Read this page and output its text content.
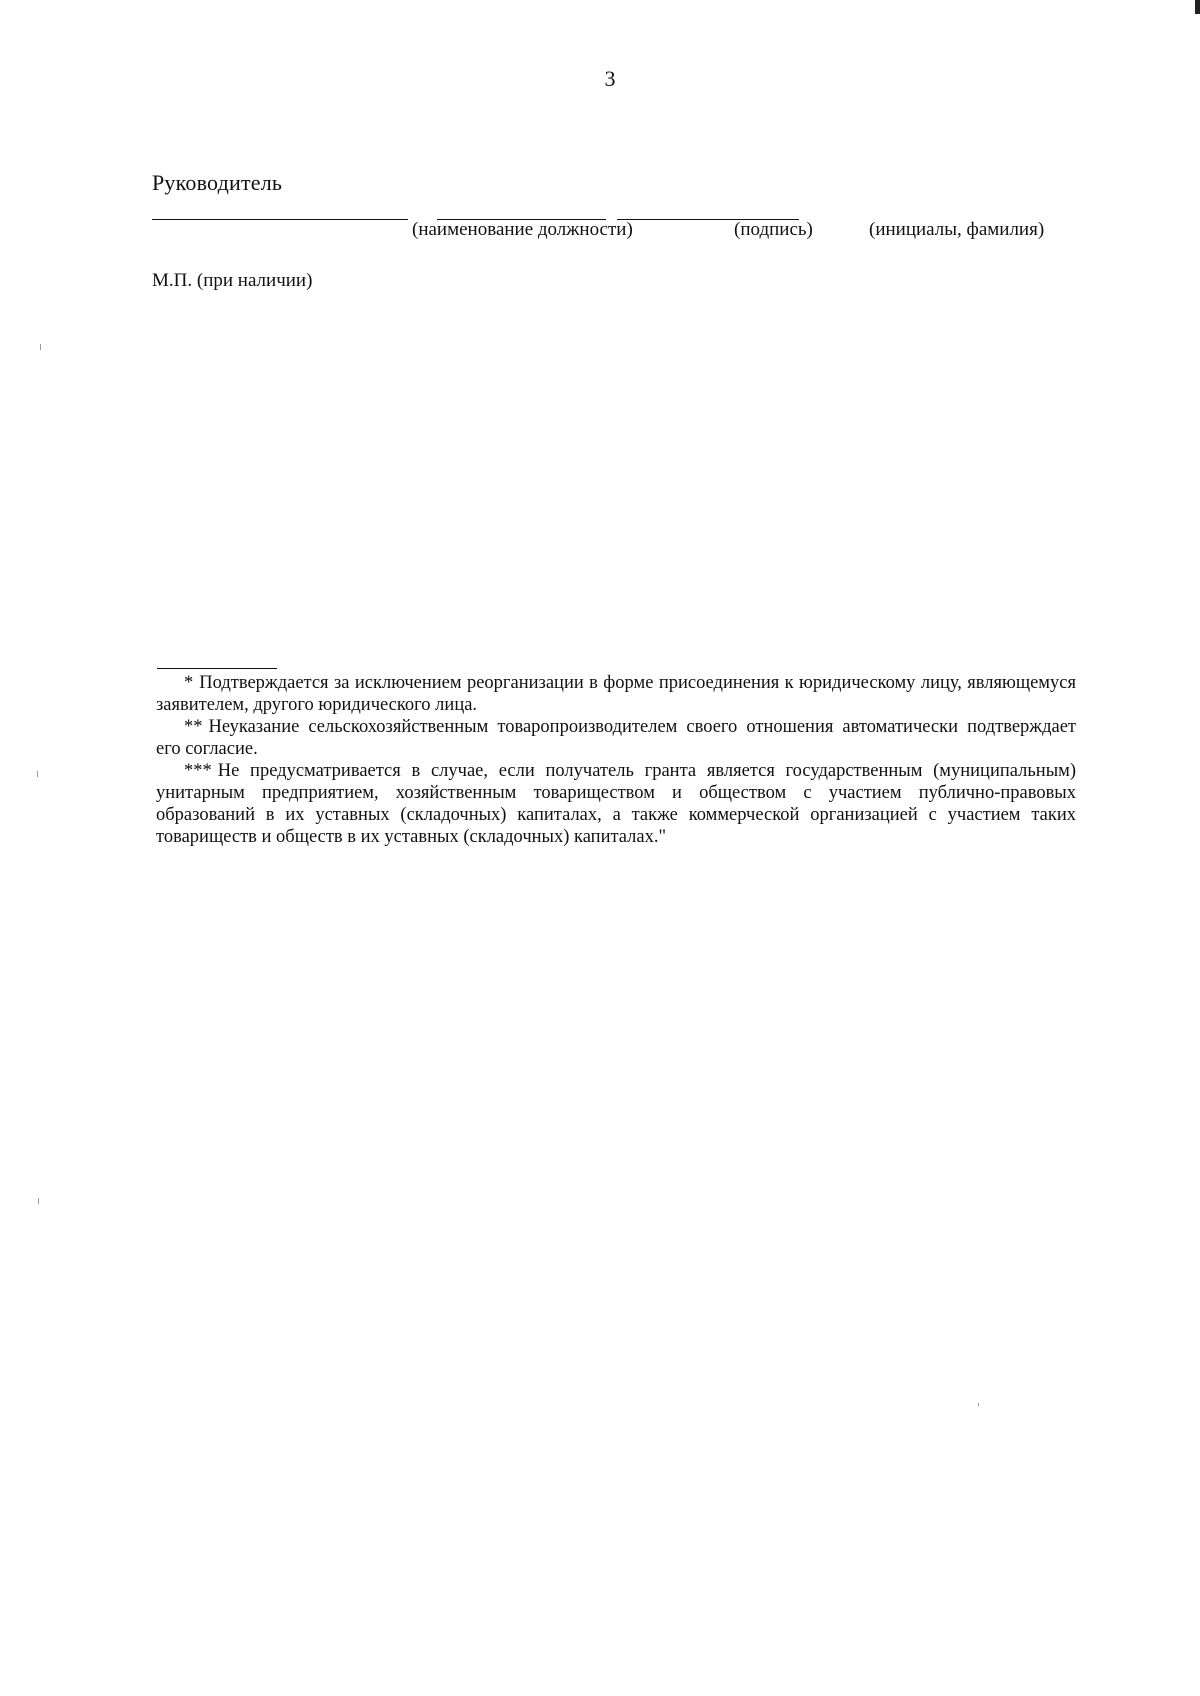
3
Руководитель
(наименование должности)	(подпись)	(инициалы, фамилия)
М.П. (при наличии)

* Подтверждается за исключением реорганизации в форме присоединения к юридическому лицу, являющемуся заявителем, другого юридического лица.

** Неуказание сельскохозяйственным товаропроизводителем своего отношения автоматически подтверждает его согласие.

*** Не предусматривается в случае, если получатель гранта является государственным (муниципальным) унитарным предприятием, хозяйственным товариществом и обществом с участием публично-правовых образований в их уставных (складочных) капиталах, а также коммерческой организацией с участием таких товариществ и обществ в их уставных (складочных) капиталах."
